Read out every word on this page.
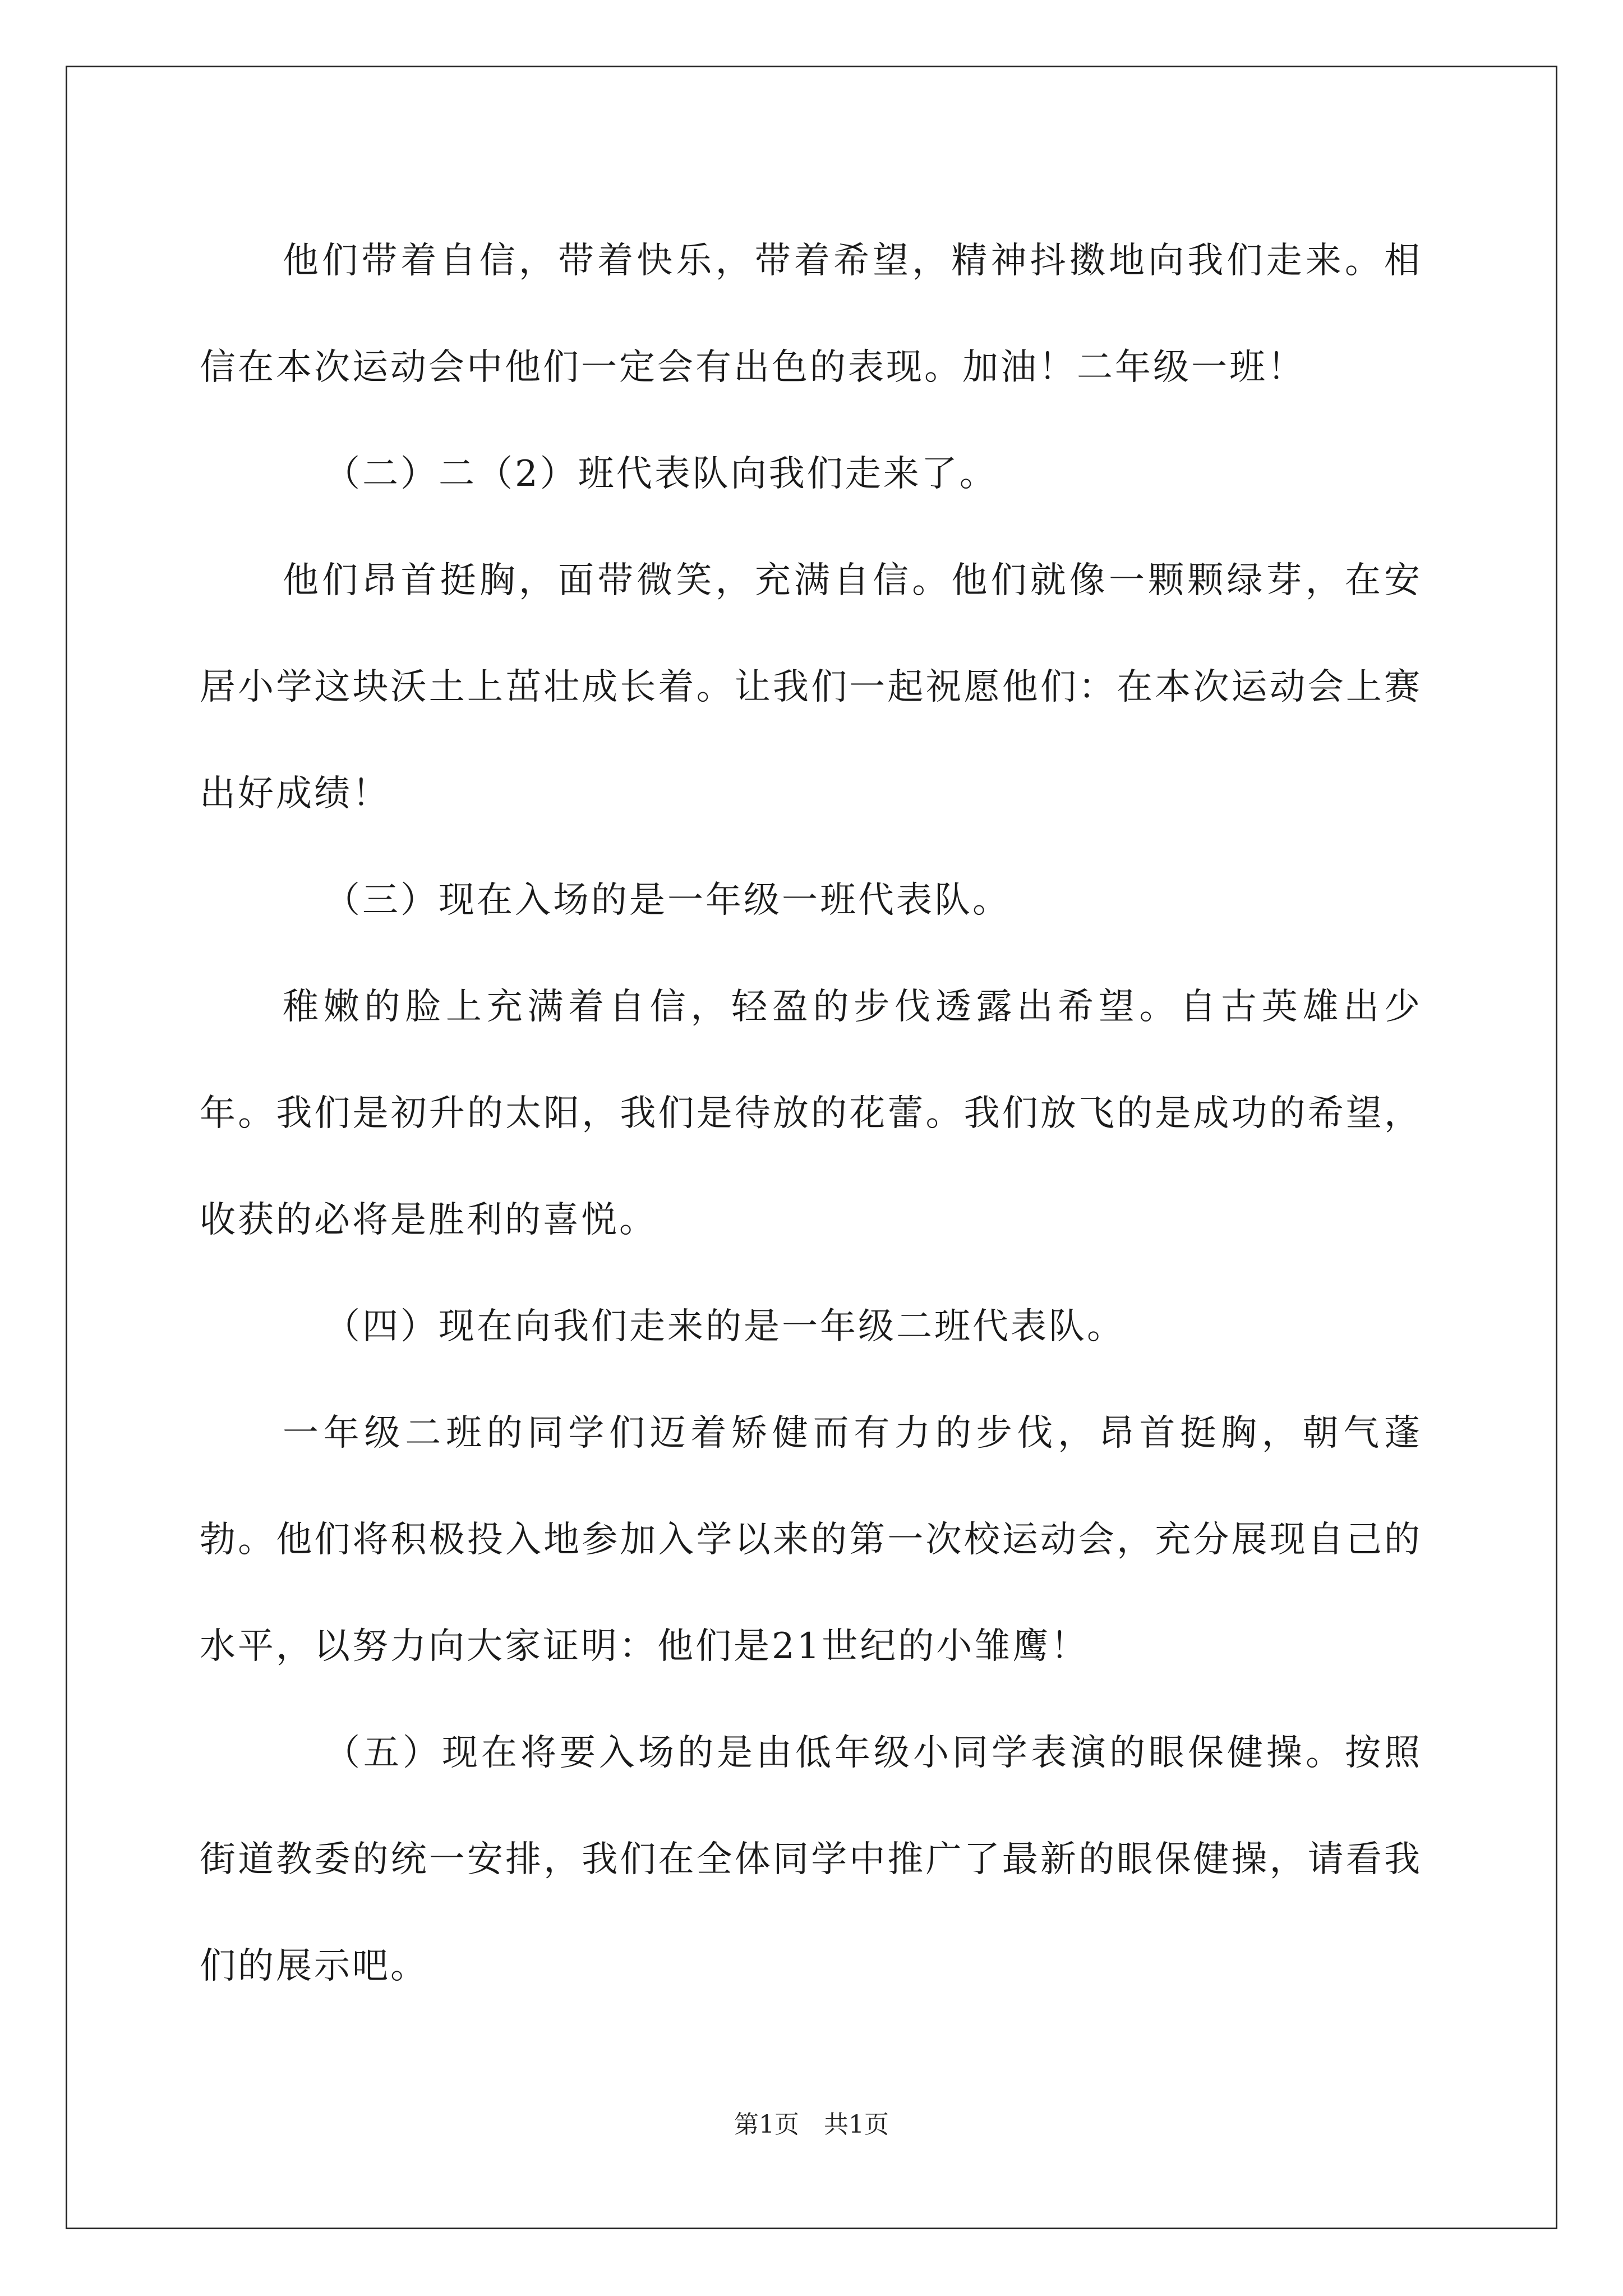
他们带着自信，带着快乐，带着希望，精神抖擞地向我们走来。相信在本次运动会中他们一定会有出色的表现。加油！二年级一班！

（二）二（2）班代表队向我们走来了。

他们昂首挺胸，面带微笑，充满自信。他们就像一颗颗绿芽，在安居小学这块沃土上茁壮成长着。让我们一起祝愿他们：在本次运动会上赛出好成绩！

（三）现在入场的是一年级一班代表队。

稚嫩的脸上充满着自信，轻盈的步伐透露出希望。自古英雄出少年。我们是初升的太阳，我们是待放的花蕾。我们放飞的是成功的希望，收获的必将是胜利的喜悦。

（四）现在向我们走来的是一年级二班代表队。

一年级二班的同学们迈着矫健而有力的步伐，昂首挺胸，朝气蓬勃。他们将积极投入地参加入学以来的第一次校运动会，充分展现自己的水平，以努力向大家证明：他们是21世纪的小雏鹰！

（五）现在将要入场的是由低年级小同学表演的眼保健操。按照街道教委的统一安排，我们在全体同学中推广了最新的眼保健操，请看我们的展示吧。

第1页　共1页
